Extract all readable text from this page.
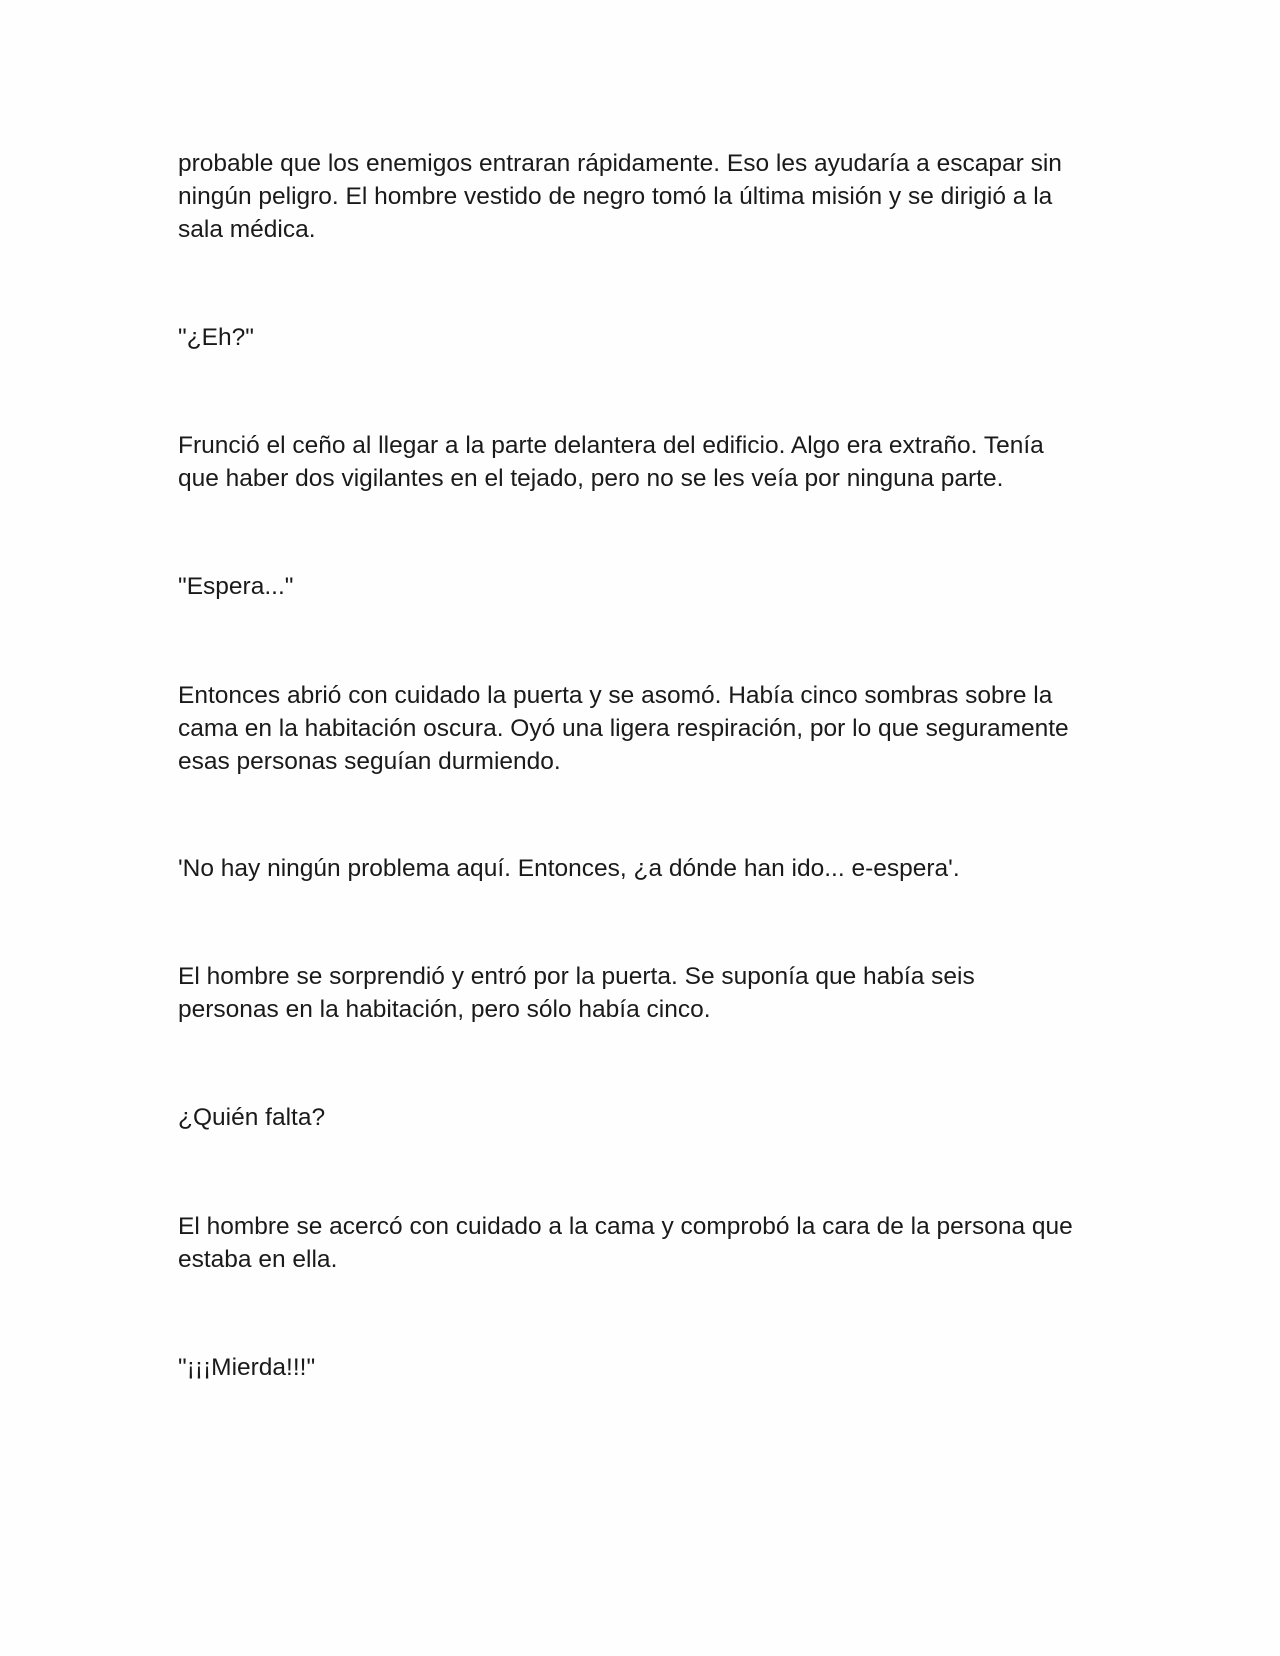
probable que los enemigos entraran rápidamente. Eso les ayudaría a escapar sin
ningún peligro. El hombre vestido de negro tomó la última misión y se dirigió a la
sala médica.

"¿Eh?"

Frunció el ceño al llegar a la parte delantera del edificio. Algo era extraño. Tenía
que haber dos vigilantes en el tejado, pero no se les veía por ninguna parte.

"Espera..."

Entonces abrió con cuidado la puerta y se asomó. Había cinco sombras sobre la
cama en la habitación oscura. Oyó una ligera respiración, por lo que seguramente
esas personas seguían durmiendo.

'No hay ningún problema aquí. Entonces, ¿a dónde han ido... e-espera'.

El hombre se sorprendió y entró por la puerta. Se suponía que había seis
personas en la habitación, pero sólo había cinco.

¿Quién falta?

El hombre se acercó con cuidado a la cama y comprobó la cara de la persona que
estaba en ella.

"¡¡¡Mierda!!!"
